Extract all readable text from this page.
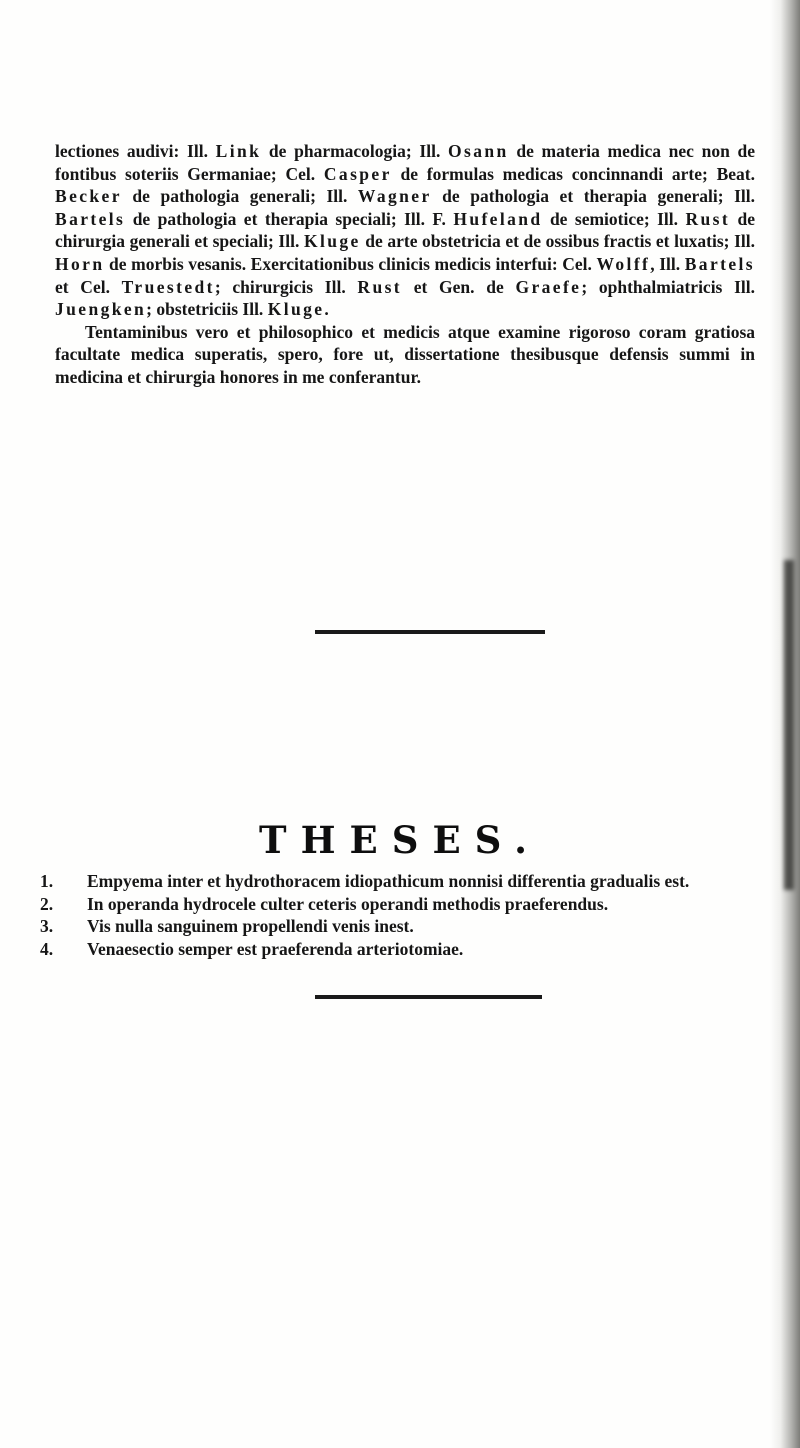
lectiones audivi: Ill. Link de pharmacologia; Ill. Osann de materia medica nec non de fontibus soteriis Germaniae; Cel. Casper de formulas medicas concinnandi arte; Beat. Becker de pathologia generali; Ill. Wagner de pathologia et therapia generali; Ill. Bartels de pathologia et therapia speciali; Ill. F. Hufeland de semiotice; Ill. Rust de chirurgia generali et speciali; Ill. Kluge de arte obstetricia et de ossibus fractis et luxatis; Ill. Horn de morbis vesanis. Exercitationibus clinicis medicis interfui: Cel. Wolff, Ill. Bartels et Cel. Truestedt; chirurgicis Ill. Rust et Gen. de Graefe; ophthalmiatricis Ill. Juengken; obstetriciis Ill. Kluge.

Tentaminibus vero et philosophico et medicis atque examine rigoroso coram gratiosa facultate medica superatis, spero, fore ut, dissertatione thesibusque defensis summi in medicina et chirurgia honores in me conferantur.

THESES.
1.	Empyema inter et hydrothoracem idiopathicum nonnisi differentia gradualis est.
2.	In operanda hydrocele culter ceteris operandi methodis praeferendus.
3.	Vis nulla sanguinem propellendi venis inest.
4.	Venaesectio semper est praeferenda arteriotomiae.
